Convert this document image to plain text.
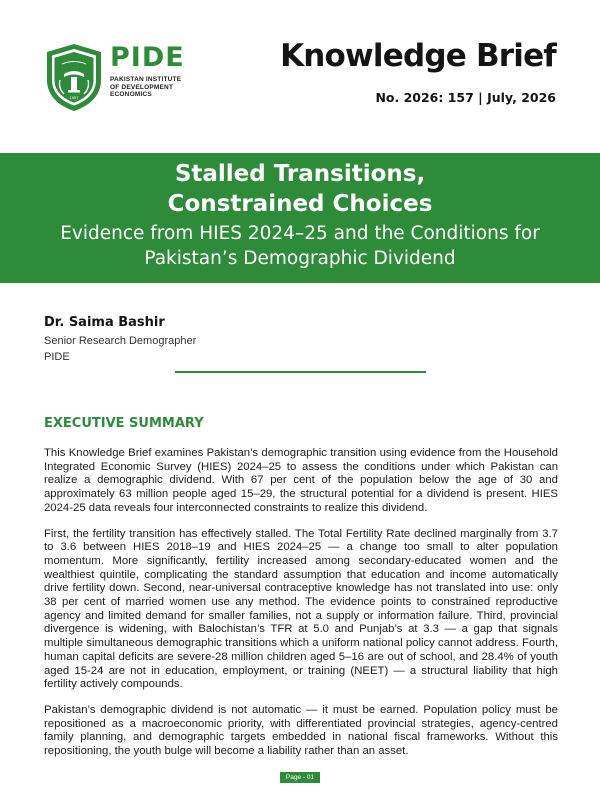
1957
PIDE
PAKISTAN INSTITUTE
OF DEVELOPMENT
ECONOMICS
Knowledge Brief
No. 2026: 157 | July, 2026
Stalled Transitions,
Constrained Choices
Evidence from HIES 2024–25 and the Conditions for
Pakistan’s Demographic Dividend
Dr. Saima Bashir
Senior Research Demographer
PIDE
EXECUTIVE SUMMARY

This Knowledge Brief examines Pakistan’s demographic transition using evidence from the Household Integrated Economic Survey (HIES) 2024–25 to assess the conditions under which Pakistan can realize a demographic dividend. With 67 per cent of the population below the age of 30 and approximately 63 million people aged 15–29, the structural potential for a dividend is present. HIES 2024-25 data reveals four interconnected constraints to realize this dividend.

First, the fertility transition has effectively stalled. The Total Fertility Rate declined marginally from 3.7 to 3.6 between HIES 2018–19 and HIES 2024–25 — a change too small to alter population momentum. More significantly, fertility increased among secondary-educated women and the wealthiest quintile, complicating the standard assumption that education and income automatically drive fertility down. Second, near-universal contraceptive knowledge has not translated into use: only 38 per cent of married women use any method. The evidence points to constrained reproductive agency and limited demand for smaller families, not a supply or information failure. Third, provincial divergence is widening, with Balochistan’s TFR at 5.0 and Punjab’s at 3.3 — a gap that signals multiple simultaneous demographic transitions which a uniform national policy cannot address. Fourth, human capital deficits are severe-28 million children aged 5–16 are out of school, and 28.4% of youth aged 15-24 are not in education, employment, or training (NEET) — a structural liability that high fertility actively compounds.

Pakistan’s demographic dividend is not automatic — it must be earned. Population policy must be repositioned as a macroeconomic priority, with differentiated provincial strategies, agency-centred family planning, and demographic targets embedded in national fiscal frameworks. Without this repositioning, the youth bulge will become a liability rather than an asset.

Page - 01
